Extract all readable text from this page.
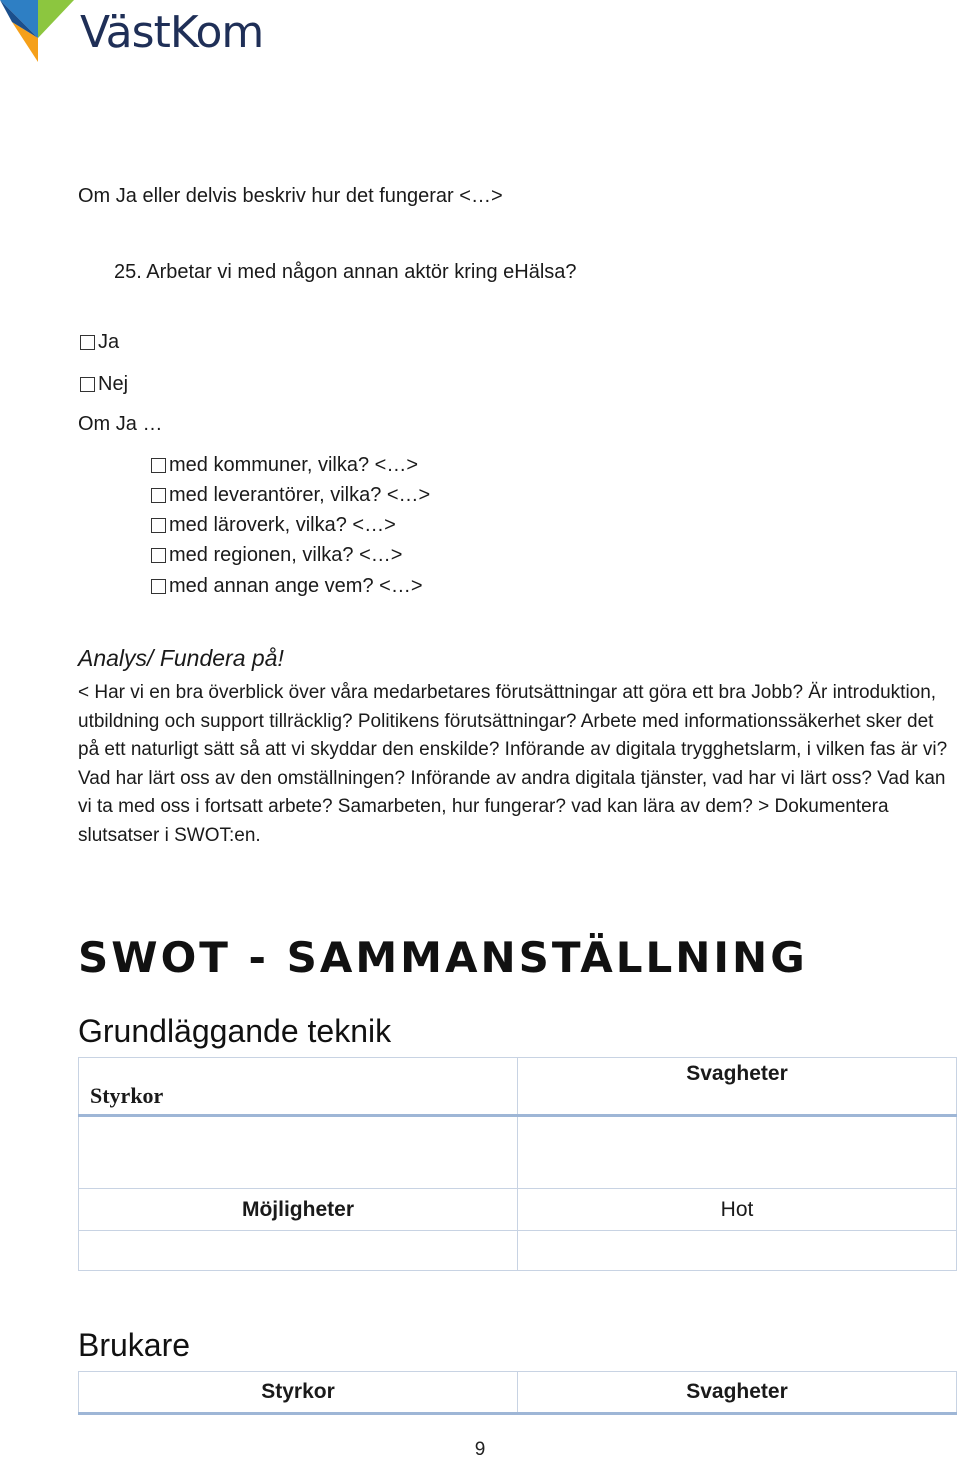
VästKom
Om Ja eller delvis beskriv hur det fungerar <…>
25. Arbetar vi med någon annan aktör kring eHälsa?
Ja
Nej
Om Ja …
med kommuner, vilka? <…>
med leverantörer, vilka? <…>
med läroverk, vilka? <…>
med regionen, vilka? <…>
med annan ange vem? <…>
Analys/ Fundera på!
< Har vi en bra överblick över våra medarbetares förutsättningar att göra ett bra Jobb? Är introduktion, utbildning och support tillräcklig? Politikens förutsättningar? Arbete med informationssäkerhet sker det på ett naturligt sätt så att vi skyddar den enskilde? Införande av digitala trygghetslarm, i vilken fas är vi? Vad har lärt oss av den omställningen? Införande av andra digitala tjänster, vad har vi lärt oss? Vad kan vi ta med oss i fortsatt arbete? Samarbeten, hur fungerar? vad kan lära av dem? > Dokumentera slutsatser i SWOT:en.
SWOT - SAMMANSTÄLLNING
Grundläggande teknik
Styrkor	Svagheter

Möjligheter	Hot

Brukare
Styrkor	Svagheter
9
